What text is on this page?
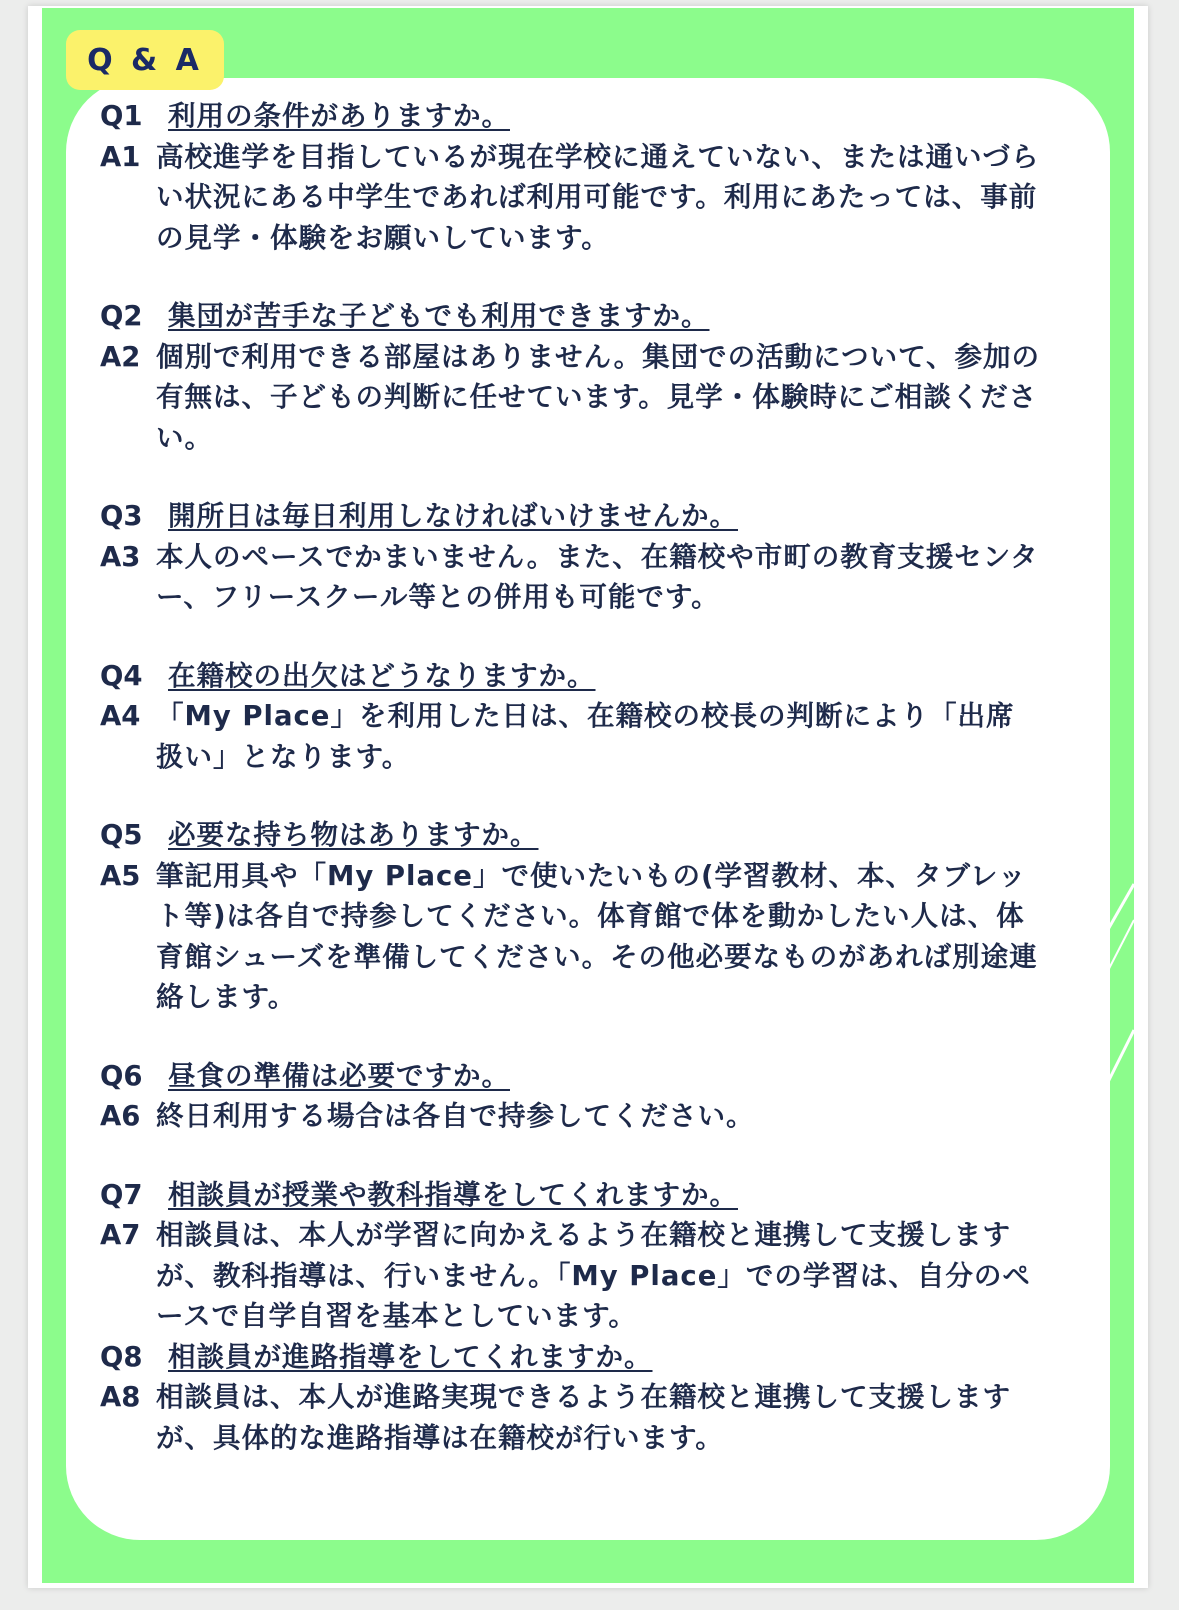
Q & A
Q1 利用の条件がありますか。
A1 高校進学を目指しているが現在学校に通えていない、または通いづらい状況にある中学生であれば利用可能です。利用にあたっては、事前の見学・体験をお願いしています。
Q2 集団が苦手な子どもでも利用できますか。
A2 個別で利用できる部屋はありません。集団での活動について、参加の有無は、子どもの判断に任せています。見学・体験時にご相談ください。
Q3 開所日は毎日利用しなければいけませんか。
A3 本人のペースでかまいません。また、在籍校や市町の教育支援センター、フリースクール等との併用も可能です。
Q4 在籍校の出欠はどうなりますか。
A4 「My Place」を利用した日は、在籍校の校長の判断により「出席扱い」となります。
Q5 必要な持ち物はありますか。
A5 筆記用具や「My Place」で使いたいもの(学習教材、本、タブレット等)は各自で持参してください。体育館で体を動かしたい人は、体育館シューズを準備してください。その他必要なものがあれば別途連絡します。
Q6 昼食の準備は必要ですか。
A6 終日利用する場合は各自で持参してください。
Q7 相談員が授業や教科指導をしてくれますか。
A7 相談員は、本人が学習に向かえるよう在籍校と連携して支援しますが、教科指導は、行いません。「My Place」での学習は、自分のペースで自学自習を基本としています。
Q8 相談員が進路指導をしてくれますか。
A8 相談員は、本人が進路実現できるよう在籍校と連携して支援しますが、具体的な進路指導は在籍校が行います。
